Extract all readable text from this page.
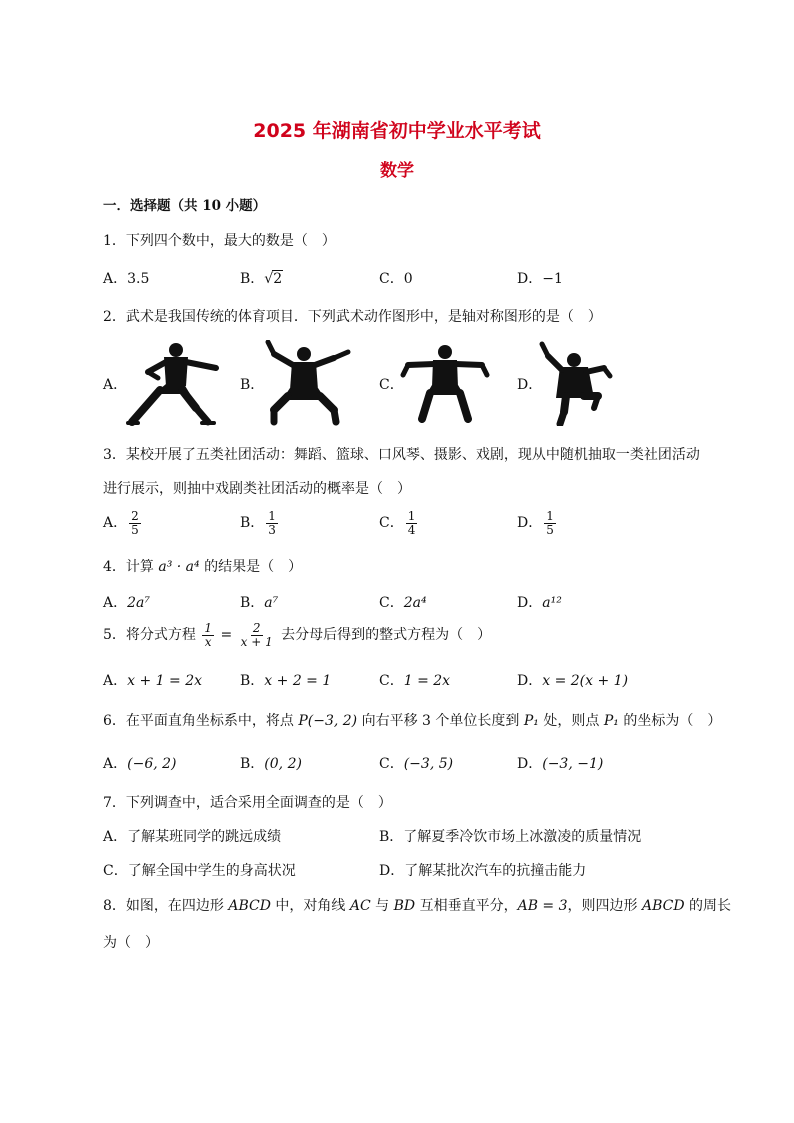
2025 年湖南省初中学业水平考试
数学
一．选择题（共 10 小题）
1．下列四个数中，最大的数是（　）
A．3.5	B． √ 2	C．0	D．−1
2．武术是我国传统的体育项目．下列武术动作图形中，是轴对称图形的是（　）
A．	B．	C．	D．
3．某校开展了五类社团活动：舞蹈、篮球、口风琴、摄影、戏剧，现从中随机抽取一类社团活动
进行展示，则抽中戏剧类社团活动的概率是（　）
A． $\frac{2}{5}$	B． $\frac{1}{3}$	C． $\frac{1}{4}$	D． $\frac{1}{5}$
4．计算 a³ · a⁴ 的结果是（　）
A．2a⁷	B．a⁷	C．2a⁴	D．a¹²
5．将分式方程 $\frac{1}{x} = \frac{2}{x + 1}$ 去分母后得到的整式方程为（　）
A．x + 1 = 2x	B．x + 2 = 1	C．1 = 2x	D．x = 2(x + 1)
6．在平面直角坐标系中，将点 P(−3, 2) 向右平移 3 个单位长度到 P₁ 处，则点 P₁ 的坐标为（　）
A．(−6, 2)	B．(0, 2)	C．(−3, 5)	D．(−3, −1)
7．下列调查中，适合采用全面调查的是（　）
A．了解某班同学的跳远成绩	B．了解夏季冷饮市场上冰激凌的质量情况
C．了解全国中学生的身高状况	D．了解某批次汽车的抗撞击能力
8．如图，在四边形 ABCD 中，对角线 AC 与 BD 互相垂直平分，AB = 3，则四边形 ABCD 的周长
为（　）
